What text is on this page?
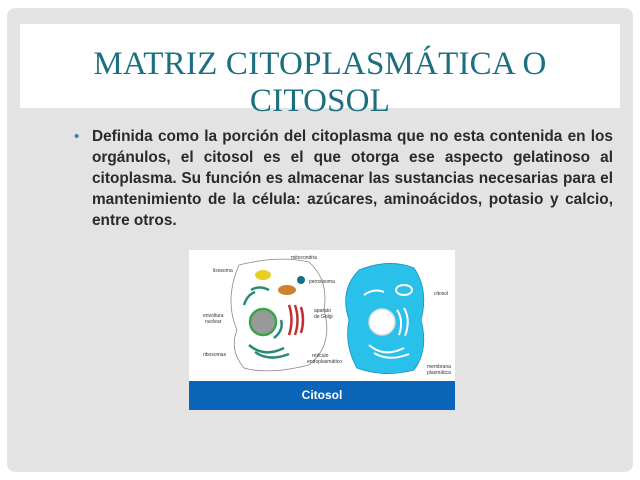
MATRIZ CITOPLASMÁTICA O CITOSOL
• Definida como la porción del citoplasma que no esta contenida en los orgánulos, el citosol es el que otorga ese aspecto gelatinoso al citoplasma. Su función es almacenar las sustancias necesarias para el mantenimiento de la célula: azúcares, aminoácidos, potasio y calcio, entre otros.
lisosoma
mitocondria
peroxisoma
envoltura
nuclear
aparato
de Golgi
ribosomas	retículo
endoplasmático
citosol
membrana
plasmática
Citosol
